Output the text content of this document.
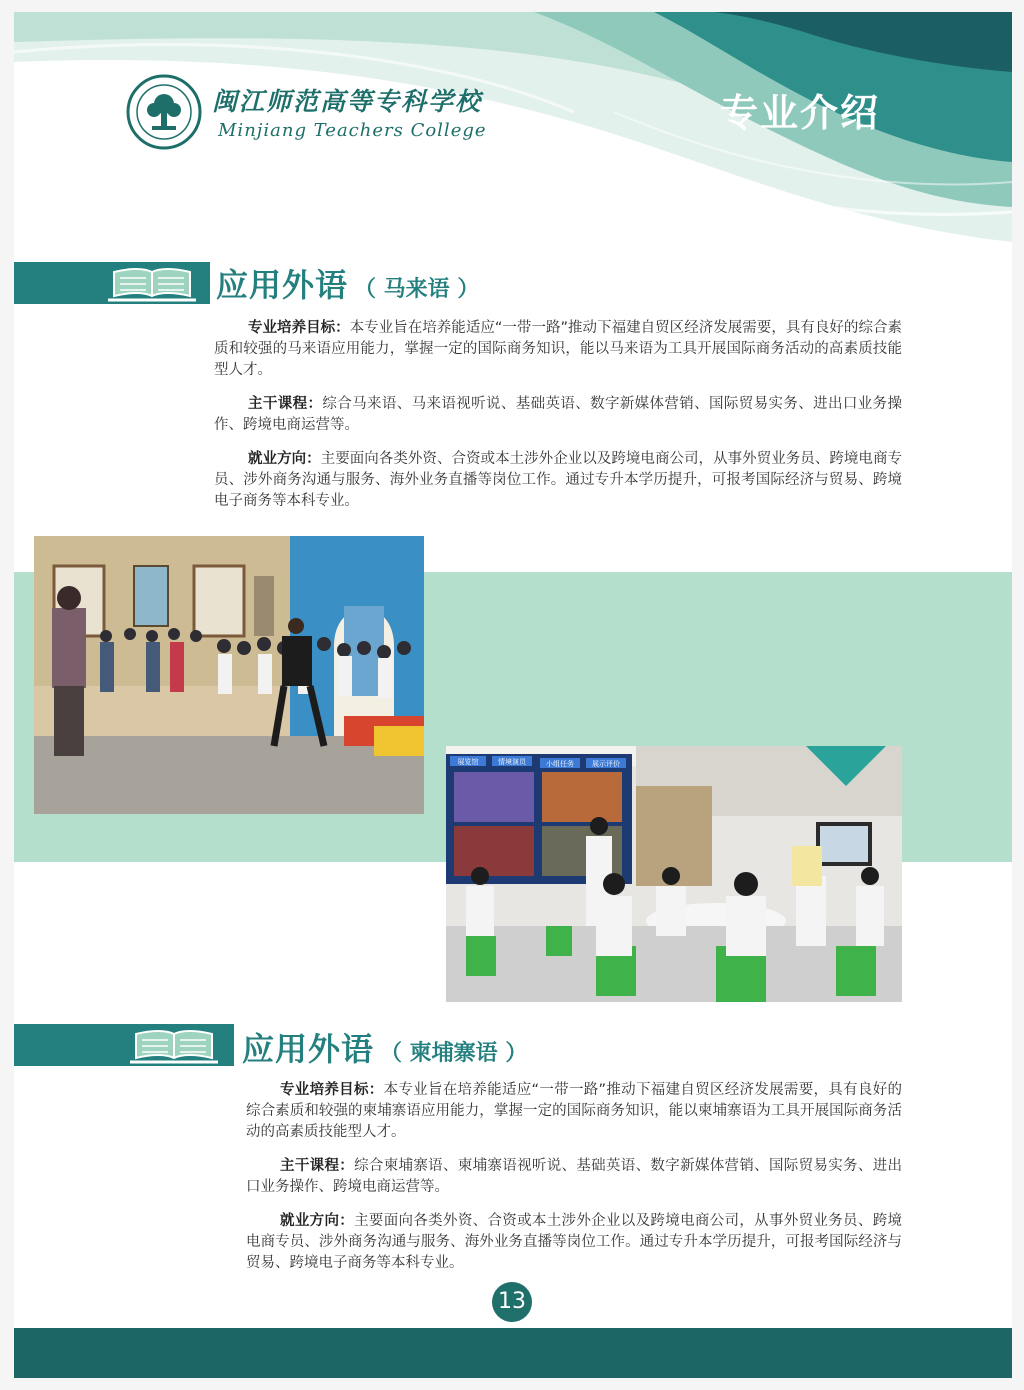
闽江师范高等专科学校
Minjiang Teachers College	专业介绍
应用外语 （ 马来语 ）

专业培养目标：本专业旨在培养能适应“一带一路”推动下福建自贸区经济发展需要，具有良好的综合素质和较强的马来语应用能力，掌握一定的国际商务知识，能以马来语为工具开展国际商务活动的高素质技能型人才。

主干课程：综合马来语、马来语视听说、基础英语、数字新媒体营销、国际贸易实务、进出口业务操作、跨境电商运营等。

就业方向：主要面向各类外资、合资或本土涉外企业以及跨境电商公司，从事外贸业务员、跨境电商专员、涉外商务沟通与服务、海外业务直播等岗位工作。通过专升本学历提升，可报考国际经济与贸易、跨境电子商务等本科专业。

展览馆	情境演员	小组任务	展示评价
应用外语 （ 柬埔寨语 ）

专业培养目标：本专业旨在培养能适应“一带一路”推动下福建自贸区经济发展需要，具有良好的综合素质和较强的柬埔寨语应用能力，掌握一定的国际商务知识，能以柬埔寨语为工具开展国际商务活动的高素质技能型人才。

主干课程：综合柬埔寨语、柬埔寨语视听说、基础英语、数字新媒体营销、国际贸易实务、进出口业务操作、跨境电商运营等。

就业方向：主要面向各类外资、合资或本土涉外企业以及跨境电商公司，从事外贸业务员、跨境电商专员、涉外商务沟通与服务、海外业务直播等岗位工作。通过专升本学历提升，可报考国际经济与贸易、跨境电子商务等本科专业。

13
